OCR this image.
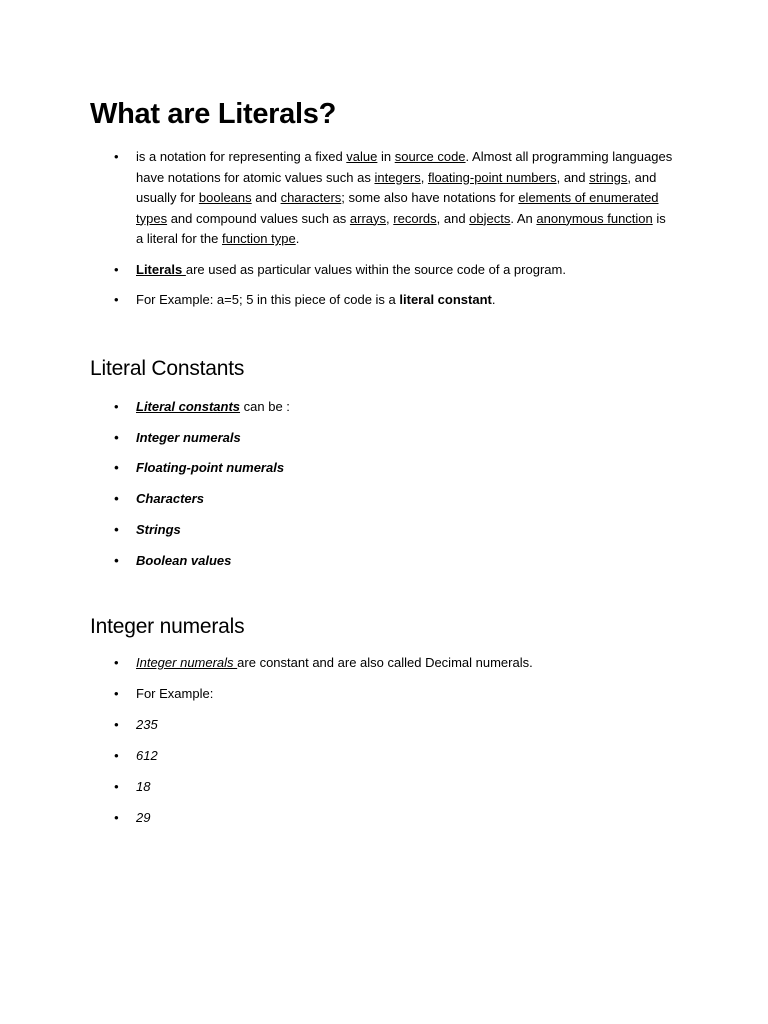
What are Literals?
• is a notation for representing a fixed value in source code. Almost all programming languages have notations for atomic values such as integers, floating-point numbers, and strings, and usually for booleans and characters; some also have notations for elements of enumerated types and compound values such as arrays, records, and objects. An anonymous function is a literal for the function type.
• Literals are used as particular values within the source code of a program.
• For Example: a=5; 5 in this piece of code is a literal constant.
Literal Constants
• Literal constants can be :
• Integer numerals
• Floating-point numerals
• Characters
• Strings
• Boolean values
Integer numerals
• Integer numerals are constant and are also called Decimal numerals.
• For Example:
• 235
• 612
• 18
• 29
